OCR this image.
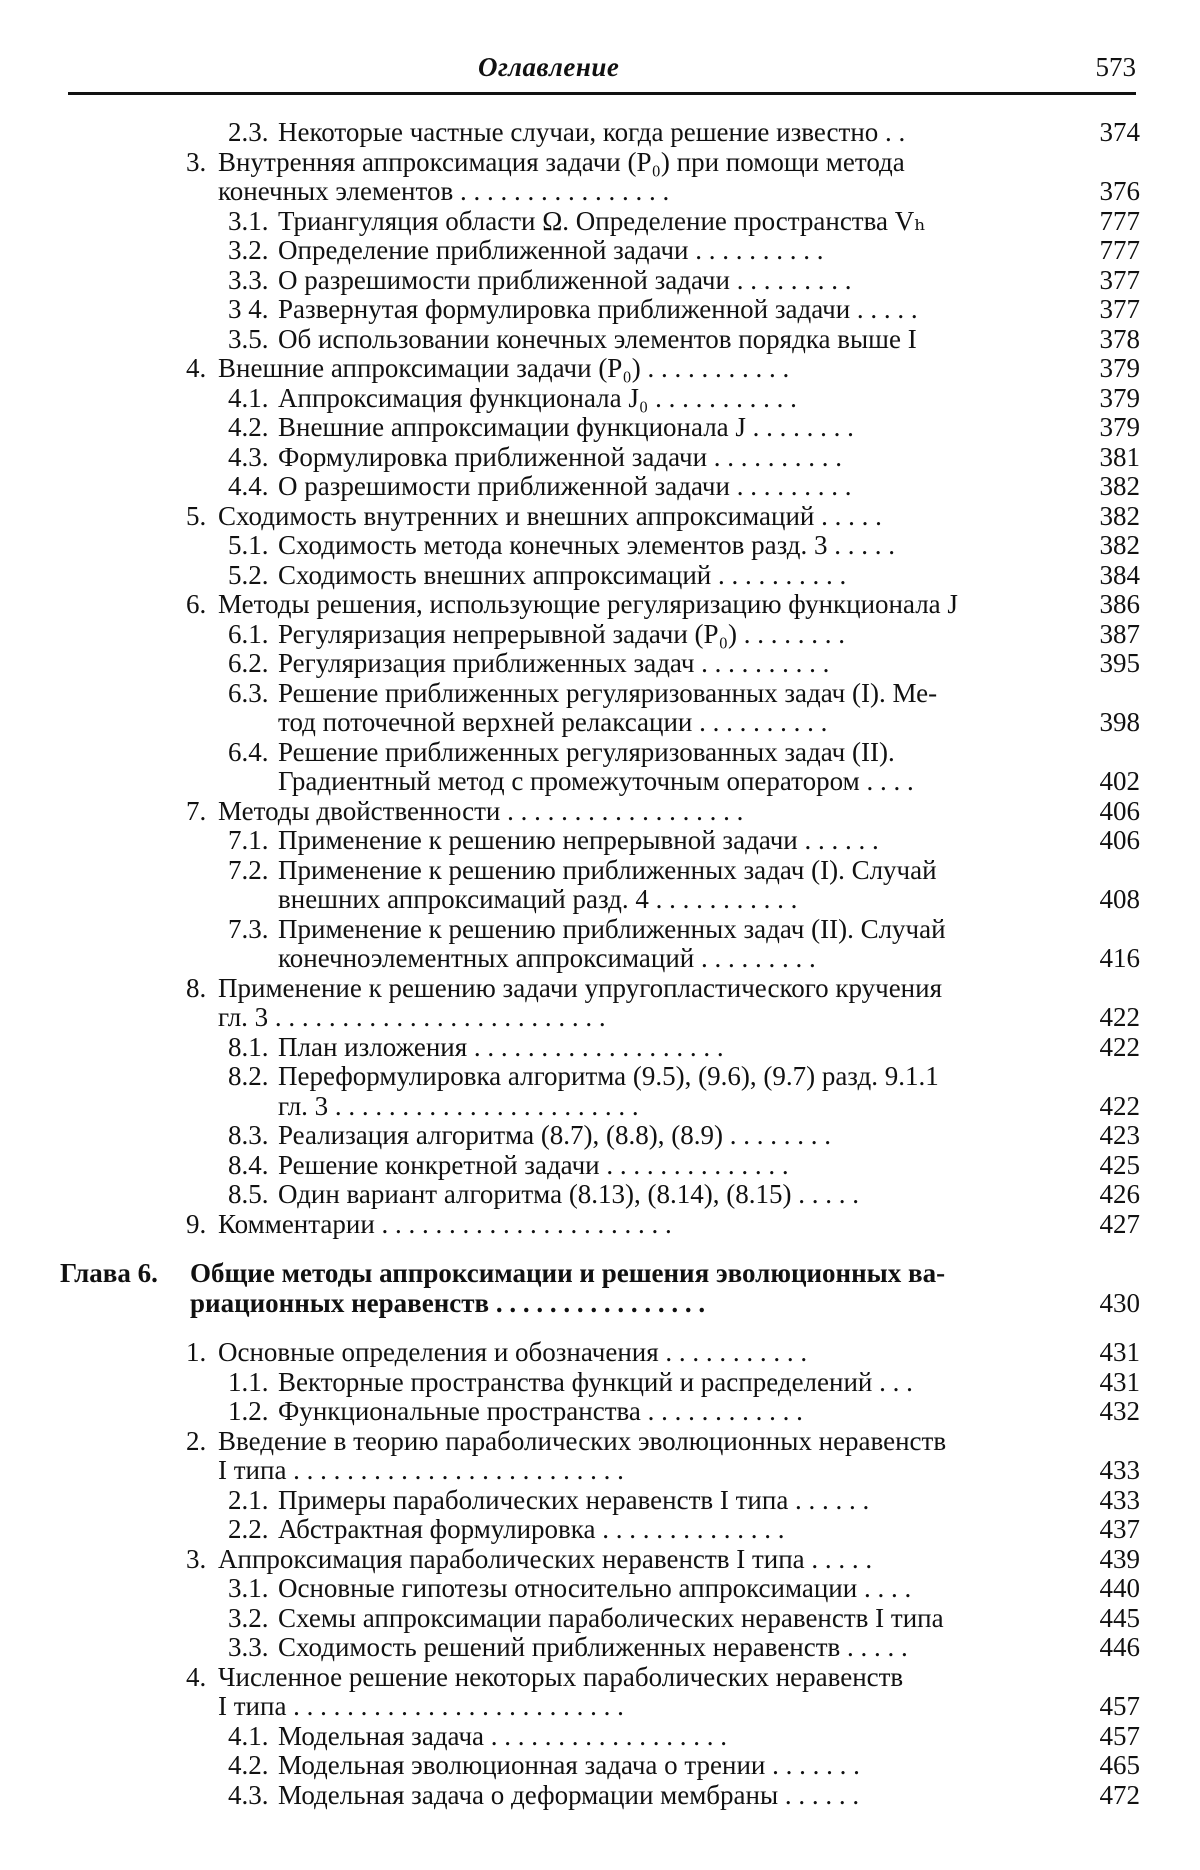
Оглавление	573
2.3. Некоторые частные случаи, когда решение известно . .	374
3. Внутренняя аппроксимация задачи (P₀) при помощи метода
конечных элементов . . . . . . . . . . . . . . . .	376
3.1. Триангуляция области Ω. Определение пространства Vₕ	777
3.2. Определение приближенной задачи . . . . . . . . . .	777
3.3. О разрешимости приближенной задачи . . . . . . . . .	377
3 4. Развернутая формулировка приближенной задачи . . . . .	377
3.5. Об использовании конечных элементов порядка выше I	378
4. Внешние аппроксимации задачи (P₀) . . . . . . . . . . .	379
4.1. Аппроксимация функционала J₀ . . . . . . . . . . .	379
4.2. Внешние аппроксимации функционала J . . . . . . . .	379
4.3. Формулировка приближенной задачи . . . . . . . . . .	381
4.4. О разрешимости приближенной задачи . . . . . . . . .	382
5. Сходимость внутренних и внешних аппроксимаций . . . . .	382
5.1. Сходимость метода конечных элементов разд. 3 . . . . .	382
5.2. Сходимость внешних аппроксимаций . . . . . . . . . .	384
6. Методы решения, использующие регуляризацию функционала J	386
6.1. Регуляризация непрерывной задачи (P₀) . . . . . . . .	387
6.2. Регуляризация приближенных задач . . . . . . . . . .	395
6.3. Решение приближенных регуляризованных задач (I). Ме-
тод поточечной верхней релаксации . . . . . . . . . .	398
6.4. Решение приближенных регуляризованных задач (II).
Градиентный метод с промежуточным оператором . . . .	402
7. Методы двойственности . . . . . . . . . . . . . . . . . .	406
7.1. Применение к решению непрерывной задачи . . . . . .	406
7.2. Применение к решению приближенных задач (I). Случай
внешних аппроксимаций разд. 4 . . . . . . . . . . .	408
7.3. Применение к решению приближенных задач (II). Случай
конечноэлементных аппроксимаций . . . . . . . . .	416
8. Применение к решению задачи упругопластического кручения
гл. 3 . . . . . . . . . . . . . . . . . . . . . . . . .	422
8.1. План изложения . . . . . . . . . . . . . . . . . . .	422
8.2. Переформулировка алгоритма (9.5), (9.6), (9.7) разд. 9.1.1
гл. 3 . . . . . . . . . . . . . . . . . . . . . . .	422
8.3. Реализация алгоритма (8.7), (8.8), (8.9) . . . . . . . .	423
8.4. Решение конкретной задачи . . . . . . . . . . . . . .	425
8.5. Один вариант алгоритма (8.13), (8.14), (8.15) . . . . .	426
9. Комментарии . . . . . . . . . . . . . . . . . . . . . .	427
Глава 6. Общие методы аппроксимации и решения эволюционных ва-
риационных неравенств . . . . . . . . . . . . . . . .	430
1. Основные определения и обозначения . . . . . . . . . . .	431
1.1. Векторные пространства функций и распределений . . .	431
1.2. Функциональные пространства . . . . . . . . . . . .	432
2. Введение в теорию параболических эволюционных неравенств
I типа . . . . . . . . . . . . . . . . . . . . . . . . .	433
2.1. Примеры параболических неравенств I типа . . . . . .	433
2.2. Абстрактная формулировка . . . . . . . . . . . . . .	437
3. Аппроксимация параболических неравенств I типа . . . . .	439
3.1. Основные гипотезы относительно аппроксимации . . . .	440
3.2. Схемы аппроксимации параболических неравенств I типа	445
3.3. Сходимость решений приближенных неравенств . . . . .	446
4. Численное решение некоторых параболических неравенств
I типа . . . . . . . . . . . . . . . . . . . . . . . . .	457
4.1. Модельная задача . . . . . . . . . . . . . . . . . .	457
4.2. Модельная эволюционная задача о трении . . . . . . .	465
4.3. Модельная задача о деформации мембраны . . . . . .	472
